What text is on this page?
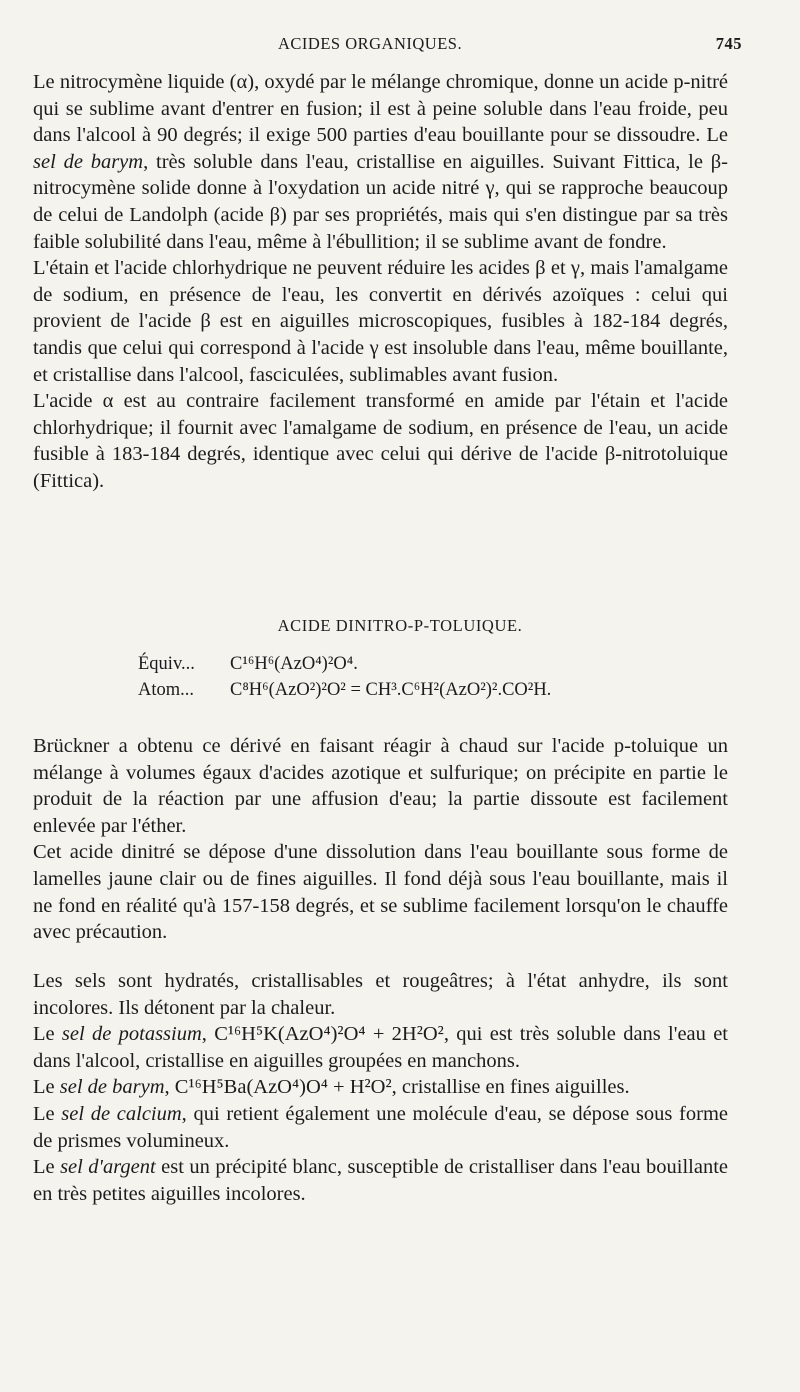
ACIDES ORGANIQUES.	745

Le nitrocymène liquide (α), oxydé par le mélange chromique, donne un acide p-nitré qui se sublime avant d'entrer en fusion; il est à peine soluble dans l'eau froide, peu dans l'alcool à 90 degrés; il exige 500 parties d'eau bouillante pour se dissoudre. Le sel de barym, très soluble dans l'eau, cristallise en aiguilles. Suivant Fittica, le β-nitrocymène solide donne à l'oxydation un acide nitré γ, qui se rapproche beaucoup de celui de Landolph (acide β) par ses propriétés, mais qui s'en distingue par sa très faible solubilité dans l'eau, même à l'ébullition; il se sublime avant de fondre.

L'étain et l'acide chlorhydrique ne peuvent réduire les acides β et γ, mais l'amalgame de sodium, en présence de l'eau, les convertit en dérivés azoïques : celui qui provient de l'acide β est en aiguilles microscopiques, fusibles à 182-184 degrés, tandis que celui qui correspond à l'acide γ est insoluble dans l'eau, même bouillante, et cristallise dans l'alcool, fasciculées, sublimables avant fusion.

L'acide α est au contraire facilement transformé en amide par l'étain et l'acide chlorhydrique; il fournit avec l'amalgame de sodium, en présence de l'eau, un acide fusible à 183-184 degrés, identique avec celui qui dérive de l'acide β-nitrotoluique (Fittica).

ACIDE DINITRO-P-TOLUIQUE.
Équiv... C¹⁶H⁶(AzO⁴)²O⁴.
Atom... C⁸H⁶(AzO²)²O² = CH³.C⁶H²(AzO²)².CO²H.

Brückner a obtenu ce dérivé en faisant réagir à chaud sur l'acide p-toluique un mélange à volumes égaux d'acides azotique et sulfurique; on précipite en partie le produit de la réaction par une affusion d'eau; la partie dissoute est facilement enlevée par l'éther.

Cet acide dinitré se dépose d'une dissolution dans l'eau bouillante sous forme de lamelles jaune clair ou de fines aiguilles. Il fond déjà sous l'eau bouillante, mais il ne fond en réalité qu'à 157-158 degrés, et se sublime facilement lorsqu'on le chauffe avec précaution.

Les sels sont hydratés, cristallisables et rougeâtres; à l'état anhydre, ils sont incolores. Ils détonent par la chaleur.

Le sel de potassium, C¹⁶H⁵K(AzO⁴)²O⁴ + 2H²O², qui est très soluble dans l'eau et dans l'alcool, cristallise en aiguilles groupées en manchons.

Le sel de barym, C¹⁶H⁵Ba(AzO⁴)O⁴ + H²O², cristallise en fines aiguilles.

Le sel de calcium, qui retient également une molécule d'eau, se dépose sous forme de prismes volumineux.

Le sel d'argent est un précipité blanc, susceptible de cristalliser dans l'eau bouillante en très petites aiguilles incolores.
